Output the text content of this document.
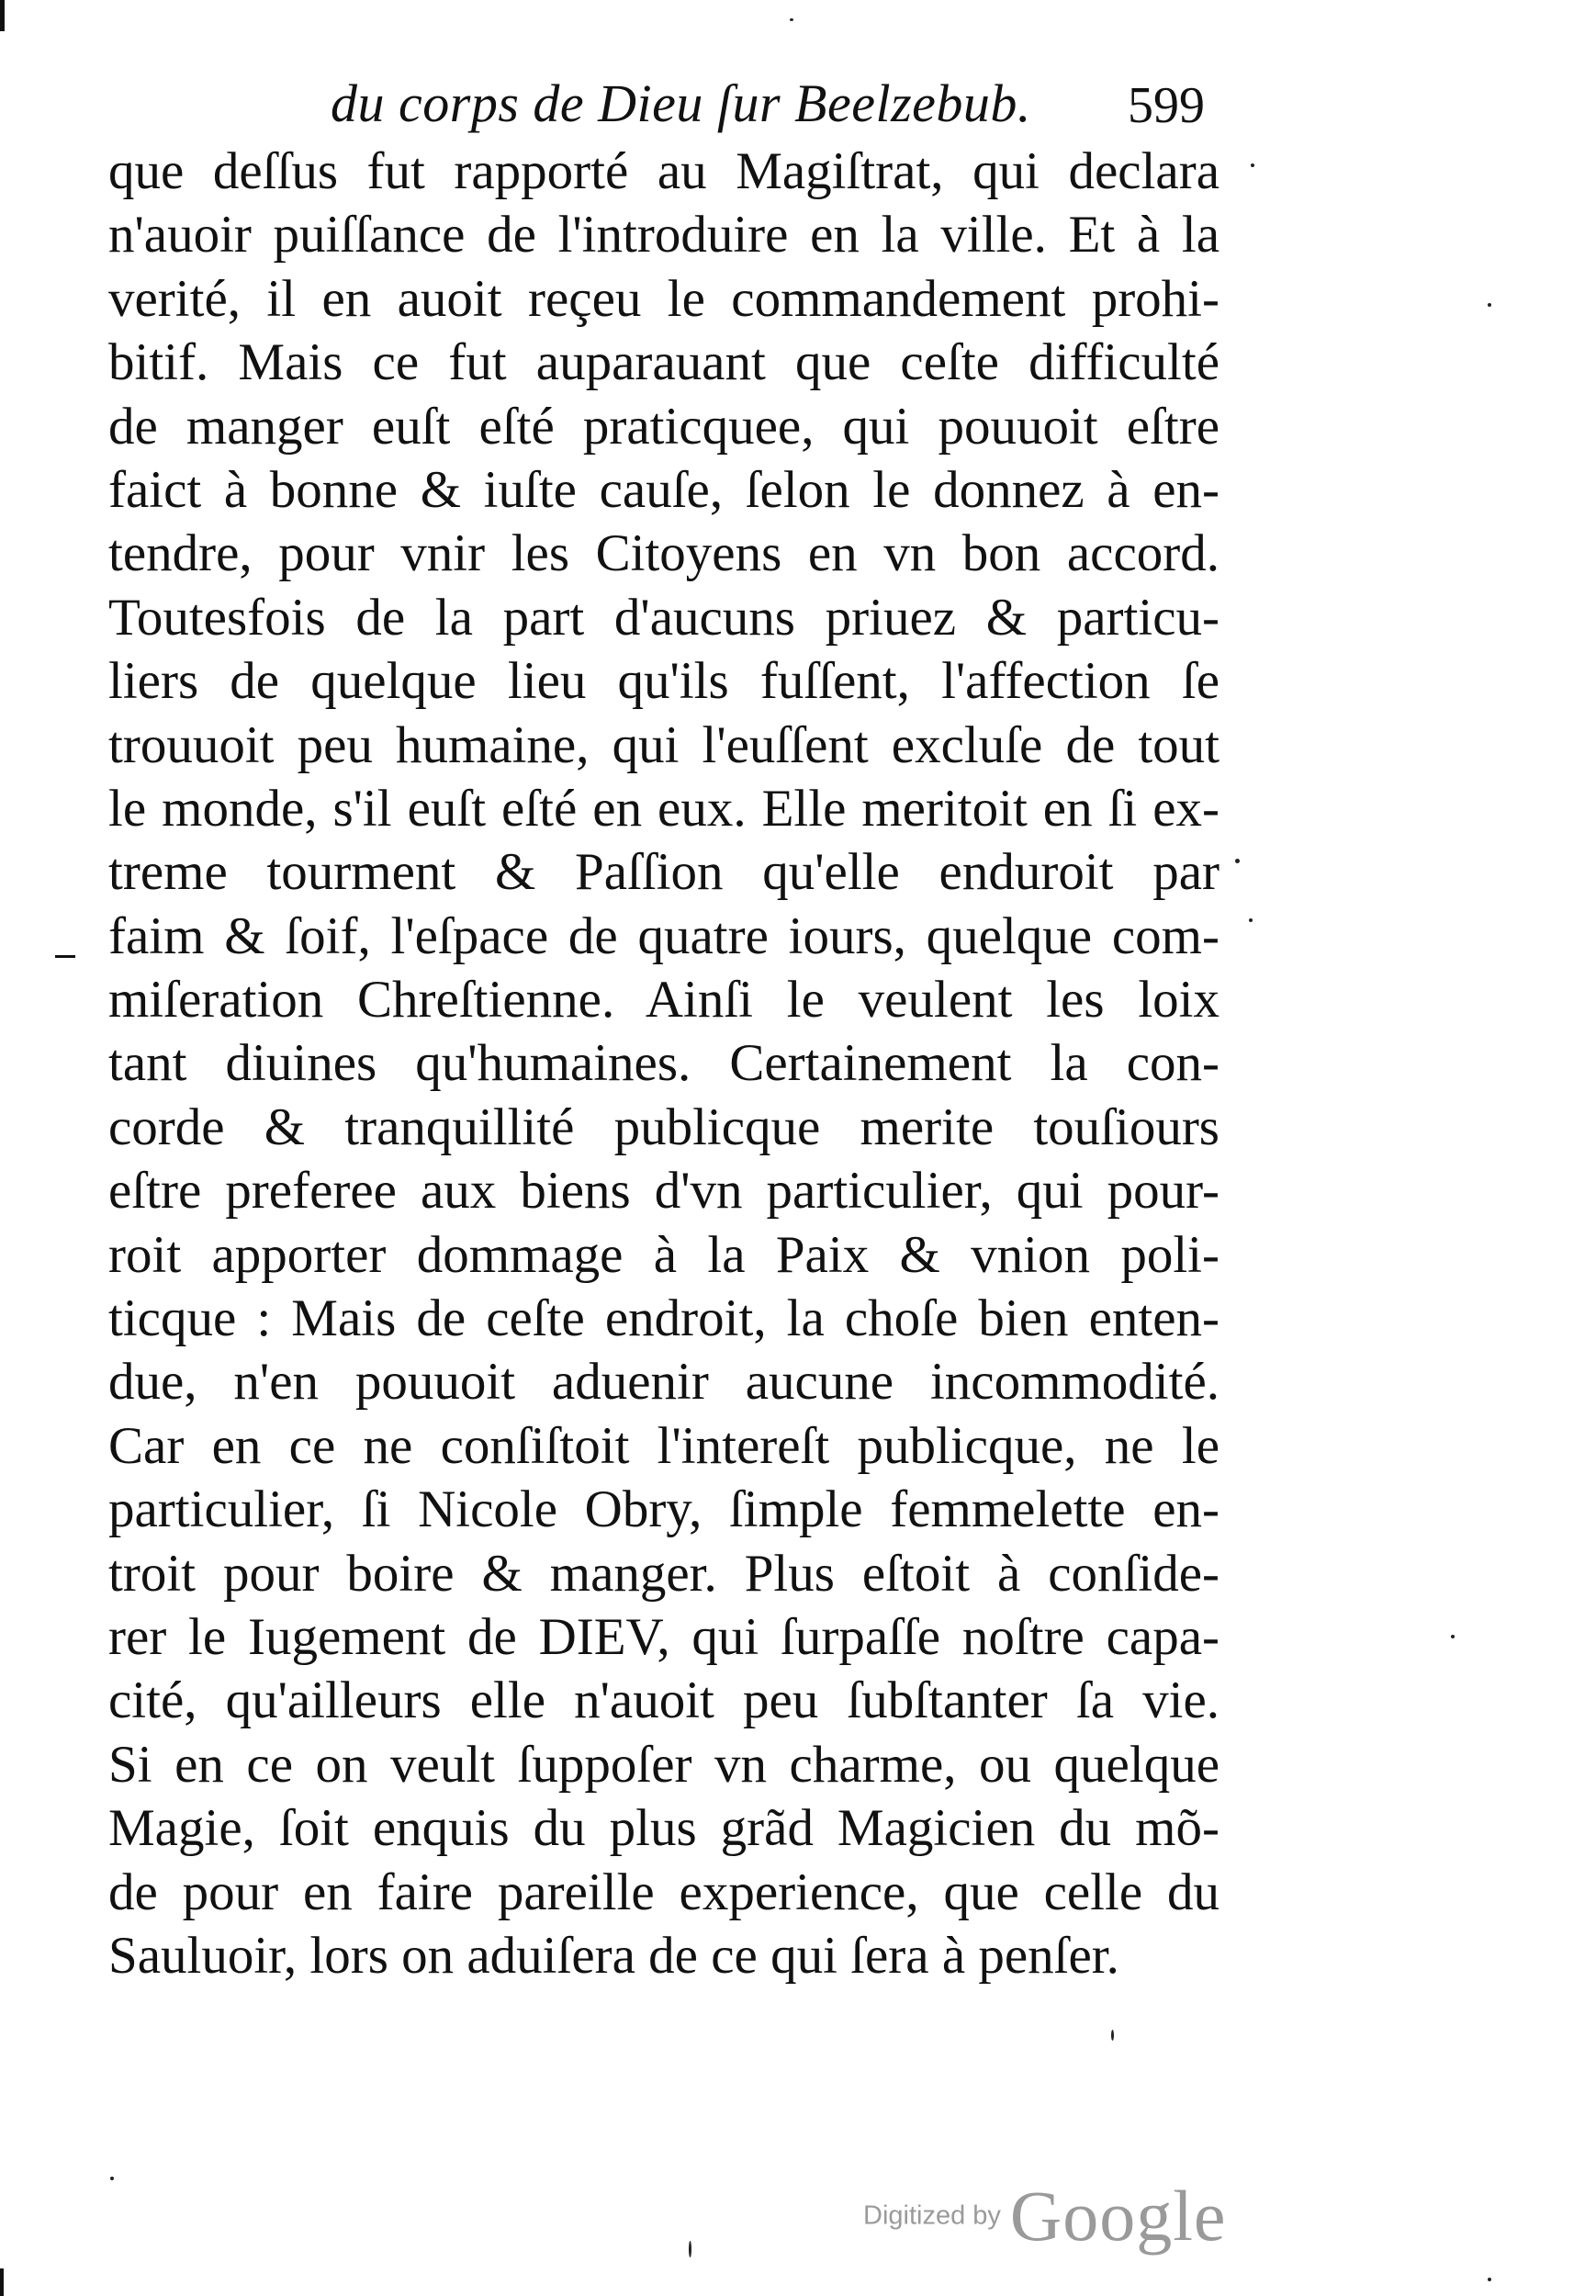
du corps de Dieu ſur Beelzebub. 599
que deſſus fut rapporté au Magiſtrat, qui declara
n'auoir puiſſance de l'introduire en la ville. Et à la
verité, il en auoit reçeu le commandement prohi-
bitif. Mais ce fut auparauant que ceſte difficulté
de manger euſt eſté praticquee, qui pouuoit eſtre
faict à bonne & iuſte cauſe, ſelon le donnez à en-
tendre, pour vnir les Citoyens en vn bon accord.
Toutesfois de la part d'aucuns priuez & particu-
liers de quelque lieu qu'ils fuſſent, l'affection ſe
trouuoit peu humaine, qui l'euſſent excluſe de tout
le monde, s'il euſt eſté en eux. Elle meritoit en ſi ex-
treme tourment & Paſſion qu'elle enduroit par
faim & ſoif, l'eſpace de quatre iours, quelque com-
miſeration Chreſtienne. Ainſi le veulent les loix
tant diuines qu'humaines. Certainement la con-
corde & tranquillité publicque merite touſiours
eſtre preferee aux biens d'vn particulier, qui pour-
roit apporter dommage à la Paix & vnion poli-
ticque : Mais de ceſte endroit, la choſe bien enten-
due, n'en pouuoit aduenir aucune incommodité.
Car en ce ne conſiſtoit l'intereſt publicque, ne le
particulier, ſi Nicole Obry, ſimple femmelette en-
troit pour boire & manger. Plus eſtoit à conſide-
rer le Iugement de DIEV, qui ſurpaſſe noſtre capa-
cité, qu'ailleurs elle n'auoit peu ſubſtanter ſa vie.
Si en ce on veult ſuppoſer vn charme, ou quelque
Magie, ſoit enquis du plus grãd Magicien du mõ-
de pour en faire pareille experience, que celle du
Sauluoir, lors on aduiſera de ce qui ſera à penſer.
Digitized by Google
